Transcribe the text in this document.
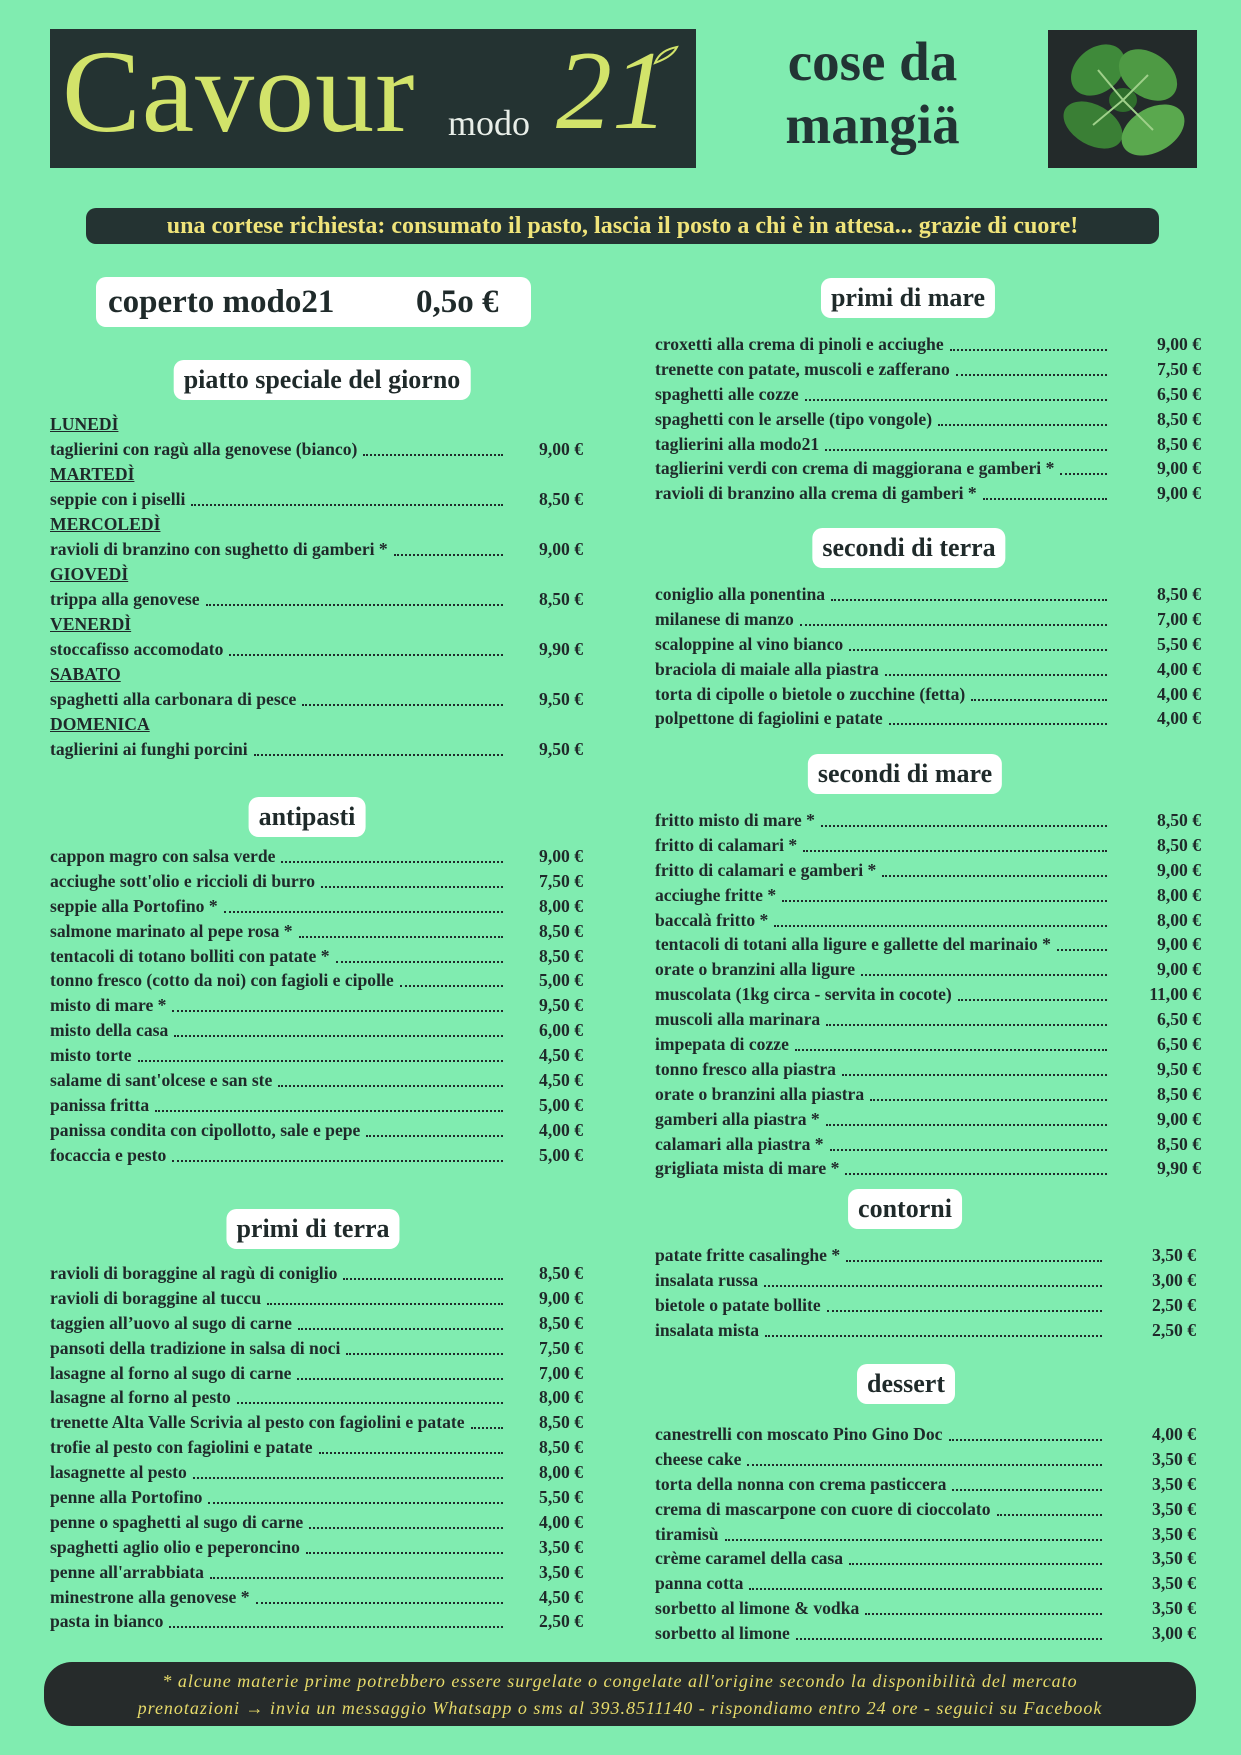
Cavour modo 21	cose da
mangiä
una cortese richiesta: consumato il pasto, lascia il posto a chi è in attesa... grazie di cuore!
coperto modo21 0,5o €
piatto speciale del giorno
LUNEDÌ
taglierini con ragù alla genovese (bianco)	9,00 €
MARTEDÌ
seppie con i piselli	8,50 €
MERCOLEDÌ
ravioli di branzino con sughetto di gamberi *	9,00 €
GIOVEDÌ
trippa alla genovese	8,50 €
VENERDÌ
stoccafisso accomodato	9,90 €
SABATO
spaghetti alla carbonara di pesce	9,50 €
DOMENICA
taglierini ai funghi porcini	9,50 €
antipasti
cappon magro con salsa verde	9,00 €
acciughe sott'olio e riccioli di burro	7,50 €
seppie alla Portofino *	8,00 €
salmone marinato al pepe rosa *	8,50 €
tentacoli di totano bolliti con patate *	8,50 €
tonno fresco (cotto da noi) con fagioli e cipolle	5,00 €
misto di mare *	9,50 €
misto della casa	6,00 €
misto torte	4,50 €
salame di sant'olcese e san ste	4,50 €
panissa fritta	5,00 €
panissa condita con cipollotto, sale e pepe	4,00 €
focaccia e pesto	5,00 €
primi di terra
ravioli di boraggine al ragù di coniglio	8,50 €
ravioli di boraggine al tuccu	9,00 €
taggien all’uovo al sugo di carne	8,50 €
pansoti della tradizione in salsa di noci	7,50 €
lasagne al forno al sugo di carne	7,00 €
lasagne al forno al pesto	8,00 €
trenette Alta Valle Scrivia al pesto con fagiolini e patate	8,50 €
trofie al pesto con fagiolini e patate	8,50 €
lasagnette al pesto	8,00 €
penne alla Portofino	5,50 €
penne o spaghetti al sugo di carne	4,00 €
spaghetti aglio olio e peperoncino	3,50 €
penne all'arrabbiata	3,50 €
minestrone alla genovese *	4,50 €
pasta in bianco	2,50 €
primi di mare
croxetti alla crema di pinoli e acciughe	9,00 €
trenette con patate, muscoli e zafferano	7,50 €
spaghetti alle cozze	6,50 €
spaghetti con le arselle (tipo vongole)	8,50 €
taglierini alla modo21	8,50 €
taglierini verdi con crema di maggiorana e gamberi *	9,00 €
ravioli di branzino alla crema di gamberi *	9,00 €
secondi di terra
coniglio alla ponentina	8,50 €
milanese di manzo	7,00 €
scaloppine al vino bianco	5,50 €
braciola di maiale alla piastra	4,00 €
torta di cipolle o bietole o zucchine (fetta)	4,00 €
polpettone di fagiolini e patate	4,00 €
secondi di mare
fritto misto di mare *	8,50 €
fritto di calamari *	8,50 €
fritto di calamari e gamberi *	9,00 €
acciughe fritte *	8,00 €
baccalà fritto *	8,00 €
tentacoli di totani alla ligure e gallette del marinaio *	9,00 €
orate o branzini alla ligure	9,00 €
muscolata (1kg circa - servita in cocote)	11,00 €
muscoli alla marinara	6,50 €
impepata di cozze	6,50 €
tonno fresco alla piastra	9,50 €
orate o branzini alla piastra	8,50 €
gamberi alla piastra *	9,00 €
calamari alla piastra *	8,50 €
grigliata mista di mare *	9,90 €
contorni
patate fritte casalinghe *	3,50 €
insalata russa	3,00 €
bietole o patate bollite	2,50 €
insalata mista	2,50 €
dessert
canestrelli con moscato Pino Gino Doc	4,00 €
cheese cake	3,50 €
torta della nonna con crema pasticcera	3,50 €
crema di mascarpone con cuore di cioccolato	3,50 €
tiramisù	3,50 €
crème caramel della casa	3,50 €
panna cotta	3,50 €
sorbetto al limone & vodka	3,50 €
sorbetto al limone	3,00 €
* alcune materie prime potrebbero essere surgelate o congelate all'origine secondo la disponibilità del mercato
prenotazioni → invia un messaggio Whatsapp o sms al 393.8511140 - rispondiamo entro 24 ore - seguici su Facebook
